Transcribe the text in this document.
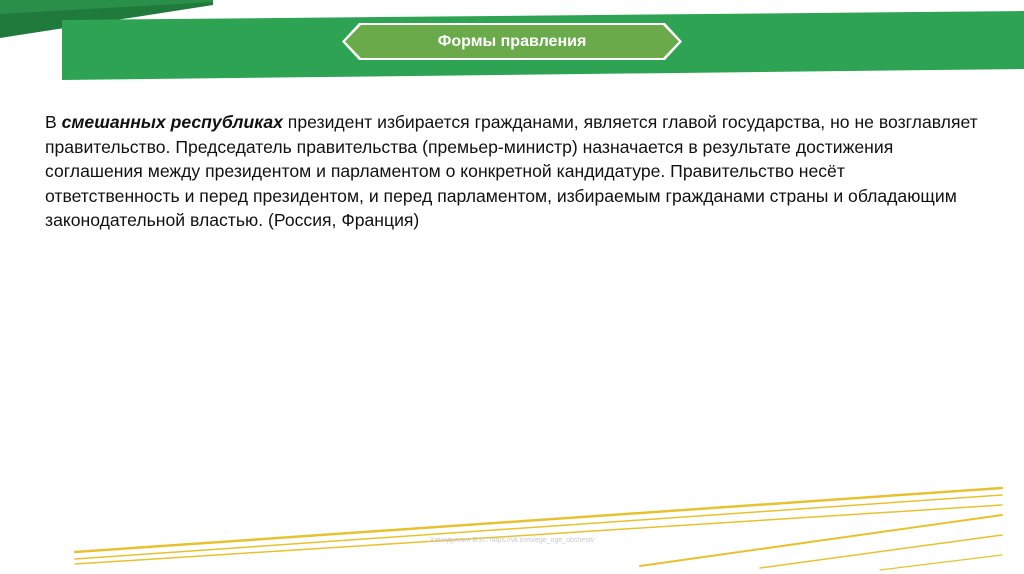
Формы правления
В смешанных республиках президент избирается гражданами, является главой государства, но не возглавляет правительство. Председатель правительства (премьер-министр) назначается в результате достижения соглашения между президентом и парламентом о конкретной кандидатуре. Правительство несёт ответственность и перед президентом, и перед парламентом, избираемым гражданами страны и обладающим законодательной властью. (Россия, Франция)
Хамидуллин Б.И., https://vk.com/ege_oge_obshestv
